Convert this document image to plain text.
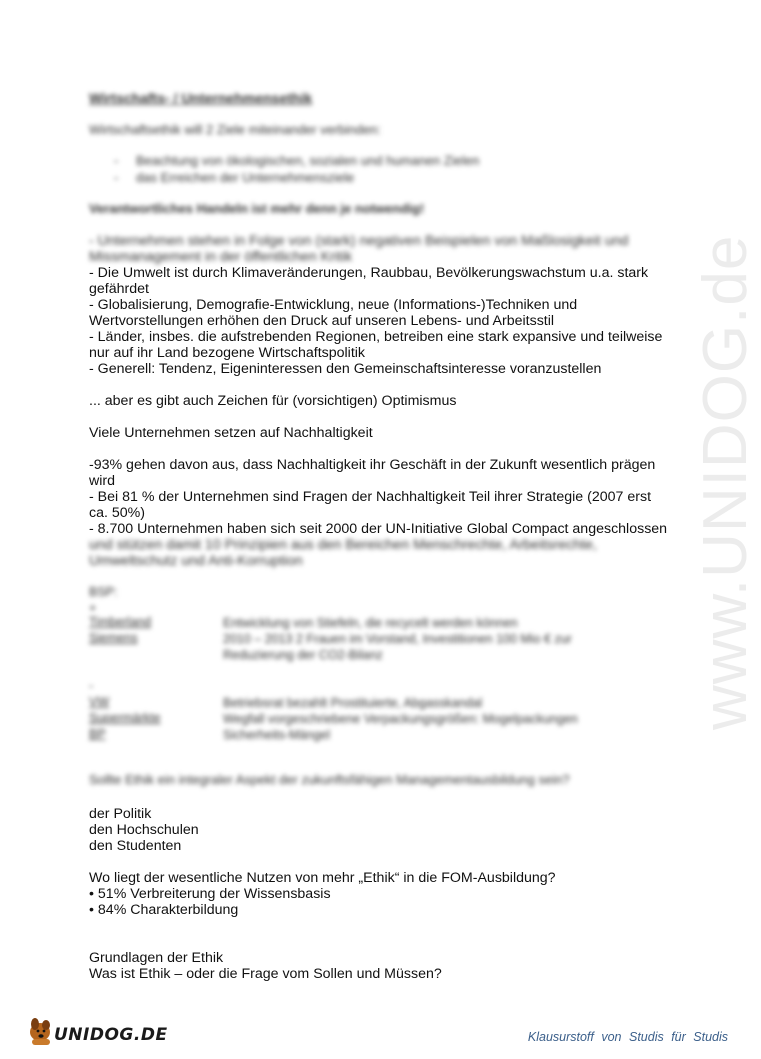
www.UNIDOG.de
Wirtschafts- / Unternehmensethik
Wirtschaftsethik will 2 Ziele miteinander verbinden:
- Beachtung von ökologischen, sozialen und humanen Zielen
- das Erreichen der Unternehmensziele
Verantwortliches Handeln ist mehr denn je notwendig!
- Unternehmen stehen in Folge von (stark) negativen Beispielen von Maßlosigkeit und
Missmanagement in der öffentlichen Kritik
- Die Umwelt ist durch Klimaveränderungen, Raubbau, Bevölkerungswachstum u.a. stark
gefährdet
- Globalisierung, Demografie-Entwicklung, neue (Informations-)Techniken und
Wertvorstellungen erhöhen den Druck auf unseren Lebens- und Arbeitsstil
- Länder, insbes. die aufstrebenden Regionen, betreiben eine stark expansive und teilweise
nur auf ihr Land bezogene Wirtschaftspolitik
- Generell: Tendenz, Eigeninteressen den Gemeinschaftsinteresse voranzustellen
... aber es gibt auch Zeichen für (vorsichtigen) Optimismus
Viele Unternehmen setzen auf Nachhaltigkeit
-93% gehen davon aus, dass Nachhaltigkeit ihr Geschäft in der Zukunft wesentlich prägen
wird
- Bei 81 % der Unternehmen sind Fragen der Nachhaltigkeit Teil ihrer Strategie (2007 erst
ca. 50%)
- 8.700 Unternehmen haben sich seit 2000 der UN-Initiative Global Compact angeschlossen
und stützen damit 10 Prinzipien aus den Bereichen Menschrechte, Arbeitsrechte,
Umweltschutz und Anti-Korruption
BSP:
+
Timberland	Entwicklung von Stiefeln, die recycelt werden können
Siemens	2010 – 2013 2 Frauen im Vorstand, Investitionen 100 Mio € zur Reduzierung der CO2-Bilanz
-
VW	Betriebsrat bezahlt Prostituierte, Abgasskandal
Supermärkte	Wegfall vorgeschriebene Verpackungsgrößen: Mogelpackungen
BP	Sicherheits-Mängel
Sollte Ethik ein integraler Aspekt der zukunftsfähigen Managementausbildung sein?
der Politik
den Hochschulen
den Studenten
Wo liegt der wesentliche Nutzen von mehr „Ethik“ in die FOM-Ausbildung?
• 51% Verbreiterung der Wissensbasis
• 84% Charakterbildung
Grundlagen der Ethik
Was ist Ethik – oder die Frage vom Sollen und Müssen?
UNIDOG.DE	Klausurstoff von Studis für Studis
